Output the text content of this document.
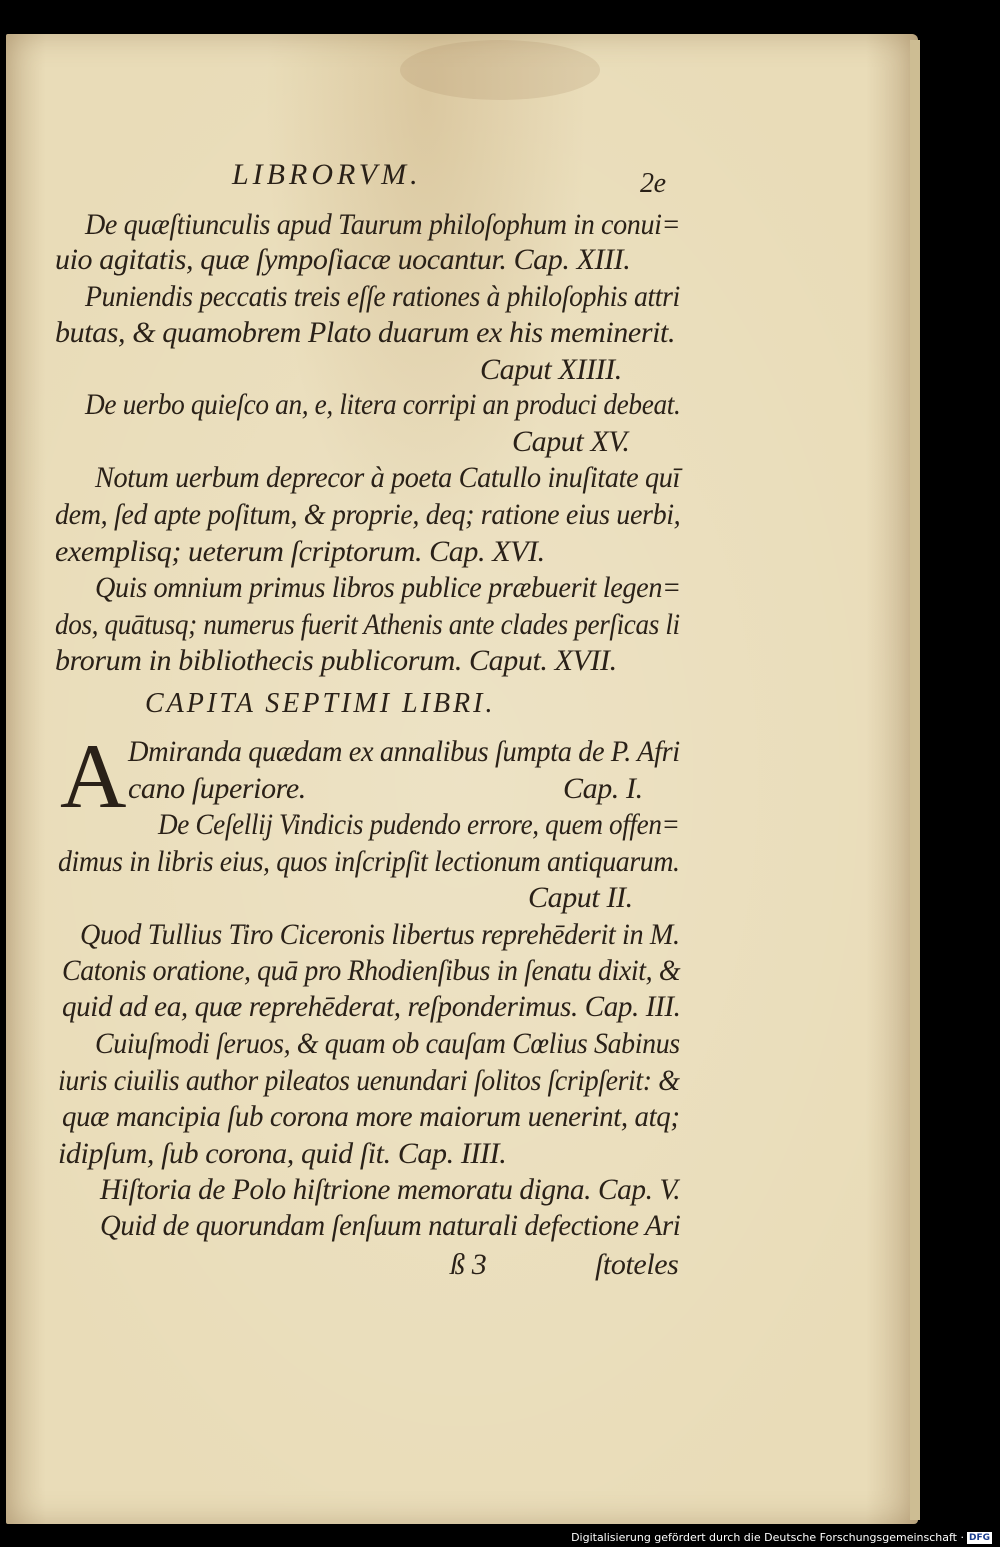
LIBRORVM.	2e
De quæſtiunculis apud Taurum philoſophum in conui=
uio agitatis, quæ ſympoſiacæ uocantur. Cap. XIII.
Puniendis peccatis treis eſſe rationes à philoſophis attri
butas, & quamobrem Plato duarum ex his meminerit.
Caput XIIII.
De uerbo quieſco an, e, litera corripi an produci debeat.
Caput XV.
Notum uerbum deprecor à poeta Catullo inuſitate quī
dem, ſed apte poſitum, & proprie, deq; ratione eius uerbi,
exemplisq; ueterum ſcriptorum. Cap. XVI.
Quis omnium primus libros publice præbuerit legen=
dos, quātusq; numerus fuerit Athenis ante clades perſicas li
brorum in bibliothecis publicorum. Caput. XVII.
CAPITA SEPTIMI LIBRI.
A Dmiranda quædam ex annalibus ſumpta de P. Afri
cano ſuperiore.	Cap. I.
De Ceſellij Vindicis pudendo errore, quem offen=
dimus in libris eius, quos inſcripſit lectionum antiquarum.
Caput II.
Quod Tullius Tiro Ciceronis libertus reprehēderit in M.
Catonis oratione, quā pro Rhodienſibus in ſenatu dixit, &
quid ad ea, quæ reprehēderat, reſponderimus. Cap. III.
Cuiuſmodi ſeruos, & quam ob cauſam Cœlius Sabinus
iuris ciuilis author pileatos uenundari ſolitos ſcripſerit: &
quæ mancipia ſub corona more maiorum uenerint, atq;
idipſum, ſub corona, quid ſit. Cap. IIII.
Hiſtoria de Polo hiſtrione memoratu digna. Cap. V.
Quid de quorundam ſenſuum naturali defectione Ari
ß 3	ſtoteles
Digitalisierung gefördert durch die Deutsche Forschungsgemeinschaft · DFG
